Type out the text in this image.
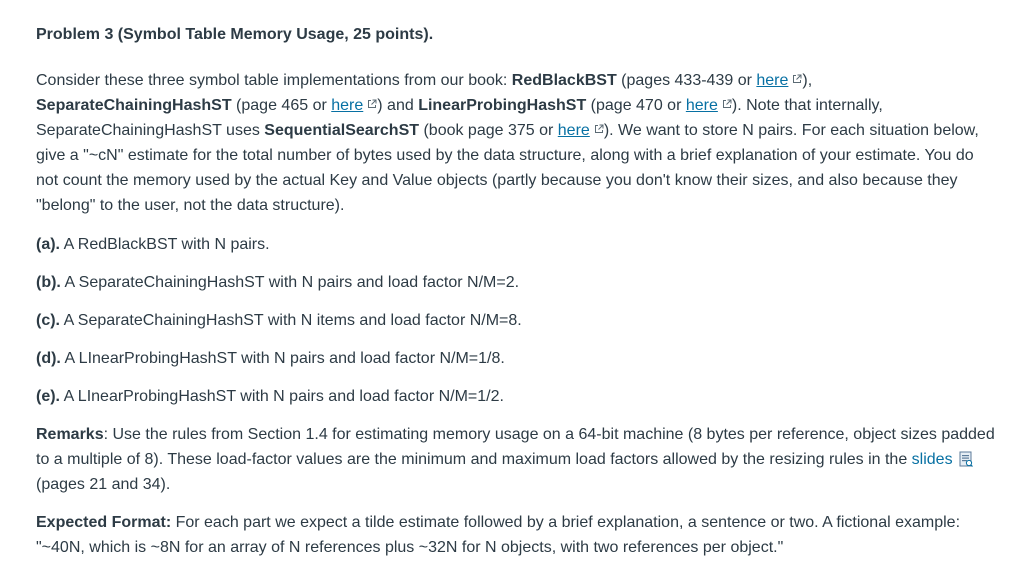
Problem 3 (Symbol Table Memory Usage, 25 points).

Consider these three symbol table implementations from our book: RedBlackBST (pages 433-439 or here ),
SeparateChainingHashST (page 465 or here ) and LinearProbingHashST (page 470 or here ). Note that internally,
SeparateChainingHashST uses SequentialSearchST (book page 375 or here ). We want to store N pairs. For each situation below, give a "~cN" estimate for the total number of bytes used by the data structure, along with a brief explanation of your estimate. You do not count the memory used by the actual Key and Value objects (partly because you don't know their sizes, and also because they "belong" to the user, not the data structure).

(a). A RedBlackBST with N pairs.

(b). A SeparateChainingHashST with N pairs and load factor N/M=2.

(c). A SeparateChainingHashST with N items and load factor N/M=8.

(d). A LInearProbingHashST with N pairs and load factor N/M=1/8.

(e). A LInearProbingHashST with N pairs and load factor N/M=1/2.

Remarks: Use the rules from Section 1.4 for estimating memory usage on a 64-bit machine (8 bytes per reference, object sizes padded to a multiple of 8). These load-factor values are the minimum and maximum load factors allowed by the resizing rules in the slides (pages 21 and 34).

Expected Format: For each part we expect a tilde estimate followed by a brief explanation, a sentence or two. A fictional example: "~40N, which is ~8N for an array of N references plus ~32N for N objects, with two references per object."
